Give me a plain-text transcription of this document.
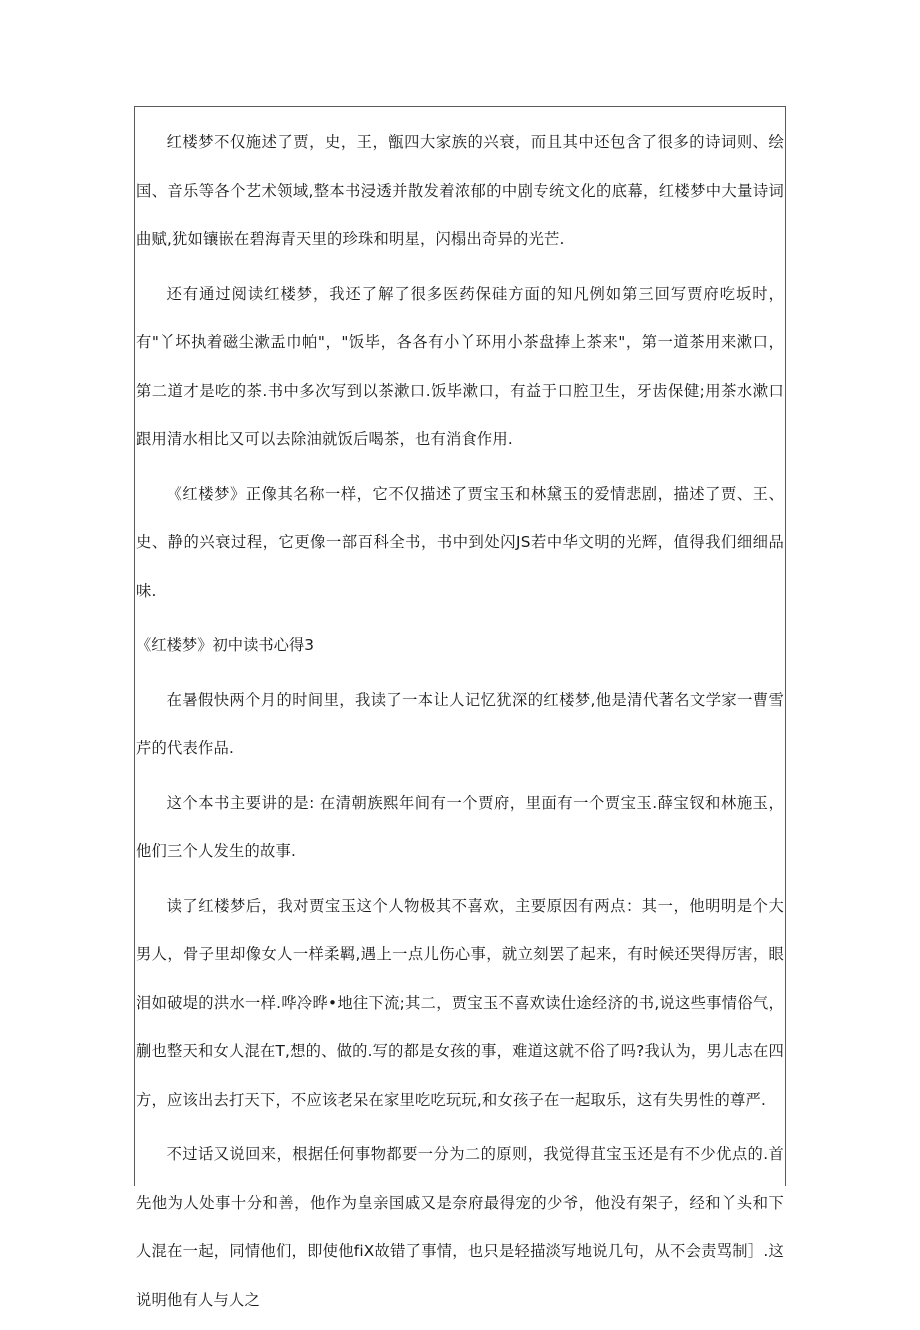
红楼梦不仅施述了贾，史，王，甑四大家族的兴衰，而且其中还包含了很多的诗词则、绘国、音乐等各个艺术领域,整本书浸透并散发着浓郁的中剧专统文化的底幕，红楼梦中大量诗词曲赋,犹如镶嵌在碧海青天里的珍珠和明星，闪榻出奇异的光芒.

还有通过阅读红楼梦，我还了解了很多医药保硅方面的知凡例如第三回写贾府吃坂时，有"丫坏执着磁尘漱盂巾帕"，"饭毕，各各有小丫环用小茶盘捧上茶来"，第一道茶用来漱口，第二道才是吃的茶.书中多次写到以茶漱口.饭毕漱口，有益于口腔卫生，牙齿保健;用茶水漱口跟用清水相比又可以去除油就饭后喝茶，也有消食作用.

《红楼梦》正像其名称一样，它不仅描述了贾宝玉和林黛玉的爱情悲剧，描述了贾、王、史、静的兴衰过程，它更像一部百科全书，书中到处闪JS若中华文明的光辉，值得我们细细品味.

《红楼梦》初中读书心得3

在暑假快两个月的时间里，我读了一本让人记忆犹深的红楼梦,他是清代著名文学家一曹雪芹的代表作品.

这个本书主要讲的是: 在清朝族熙年间有一个贾府，里面有一个贾宝玉.薛宝钗和林施玉，他们三个人发生的故事.

读了红楼梦后，我对贾宝玉这个人物极其不喜欢，主要原因有两点：其一，他明明是个大男人，骨子里却像女人一样柔羁,遇上一点儿伤心事，就立刻罢了起来，有时候还哭得厉害，眼泪如破堤的洪水一样.哗冷晔•地往下流;其二，贾宝玉不喜欢读仕途经济的书,说这些事情俗气，蒯也整天和女人混在T,想的、做的.写的都是女孩的事，难道这就不俗了吗?我认为，男儿志在四方，应该出去打天下，不应该老呆在家里吃吃玩玩,和女孩子在一起取乐，这有失男性的尊严.

不过话又说回来，根据任何事物都要一分为二的原则，我觉得苴宝玉还是有不少优点的.首先他为人处事十分和善，他作为皇亲国戚又是奈府最得宠的少爷，他没有架子，经和丫头和下人混在一起，同情他们，即使他fiX故错了事情，也只是轻描淡写地说几句，从不会责骂制］.这说明他有人与人之
